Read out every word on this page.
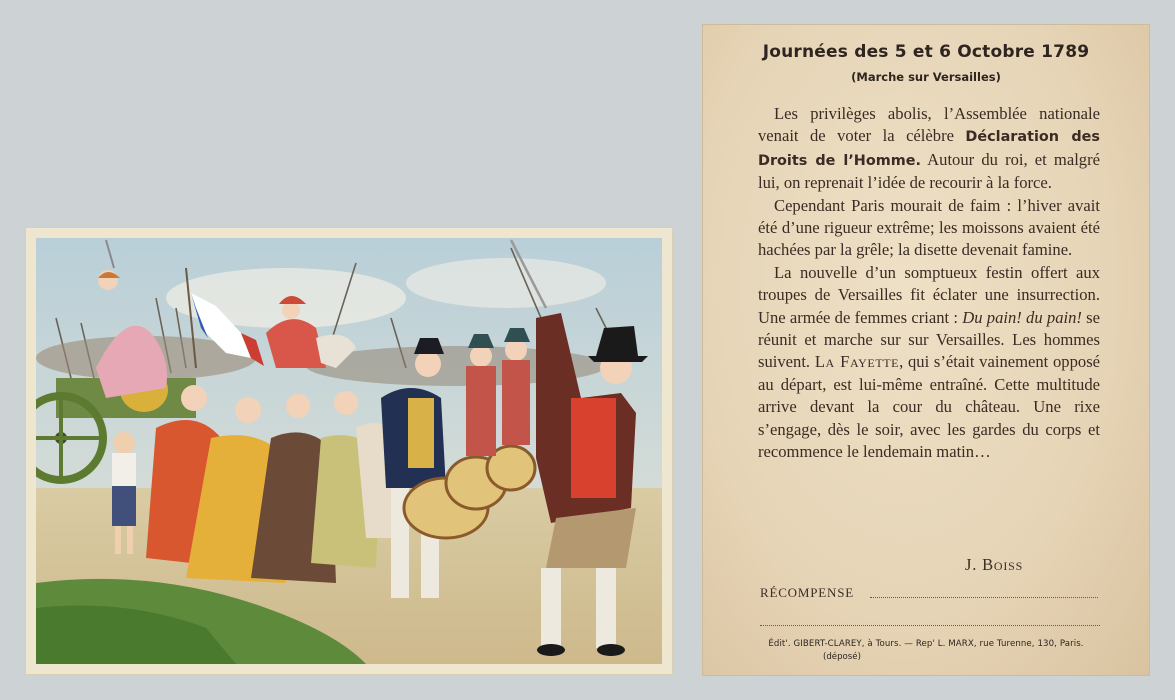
Journées des 5 et 6 Octobre 1789
(Marche sur Versailles)

Les privilèges abolis, l’Assemblée nationale venait de voter la célèbre Déclaration des Droits de l’Homme. Autour du roi, et malgré lui, on reprenait l’idée de recourir à la force.

Cependant Paris mourait de faim : l’hiver avait été d’une rigueur extrême; les moissons avaient été hachées par la grêle; la disette devenait famine.

La nouvelle d’un somptueux festin offert aux troupes de Versailles fit éclater une insurrection. Une armée de femmes criant : Du pain! du pain! se réunit et marche sur sur Versailles. Les hommes suivent. La Fayette, qui s’était vainement opposé au départ, est lui-même entraîné. Cette multitude arrive devant la cour du château. Une rixe s’engage, dès le soir, avec les gardes du corps et recommence le lendemain matin…

J. Boiss
RÉCOMPENSE
Édit'. GIBERT-CLAREY, à Tours. — Rep' L. MARX, rue Turenne, 130, Paris.
(déposé)
